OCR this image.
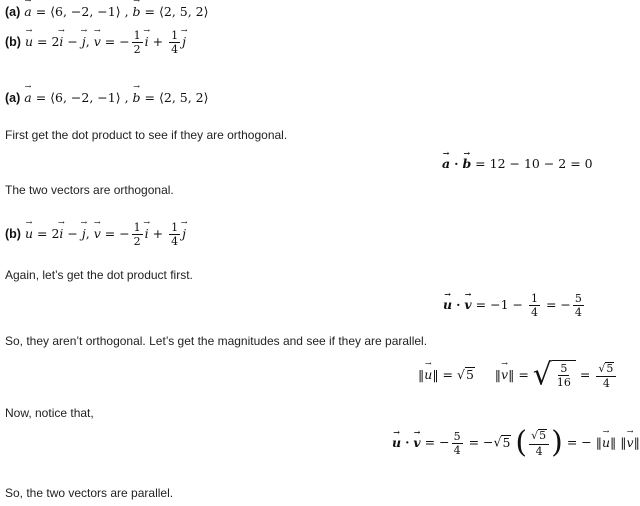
(a) → a = ⟨6, −2, −1⟩ , → b = ⟨2, 5, 2⟩
(b) → u = 2→ i − → j, → v = − $\frac{1}{2}$
→ $i + \frac{1}{4}$
→ j
(a) → a = ⟨6, −2, −1⟩ , → b = ⟨2, 5, 2⟩
First get the dot product to see if they are orthogonal.
→ a · → b = 12 − 10 − 2 = 0
The two vectors are orthogonal.
(b) → u = 2→ i − → j, → v = − $\frac{1}{2}$
→ $i + \frac{1}{4}$
→ j
Again, let’s get the dot product first.
→ u · → $v = -1 - \frac{1}{4}$ = − $\frac{5}{4}$
So, they aren’t orthogonal. Let’s get the magnitudes and see if they are parallel.
‖→ u‖ = √5     ‖→ v‖ = √ $\frac{5}{16} = \frac{√5}{4}$
Now, notice that,
→ u · → v = − $\frac{5}{4} = -√5$ ( $\frac{√5}{4}$ ) = − ‖→ u‖ ‖→ v‖
So, the two vectors are parallel.
